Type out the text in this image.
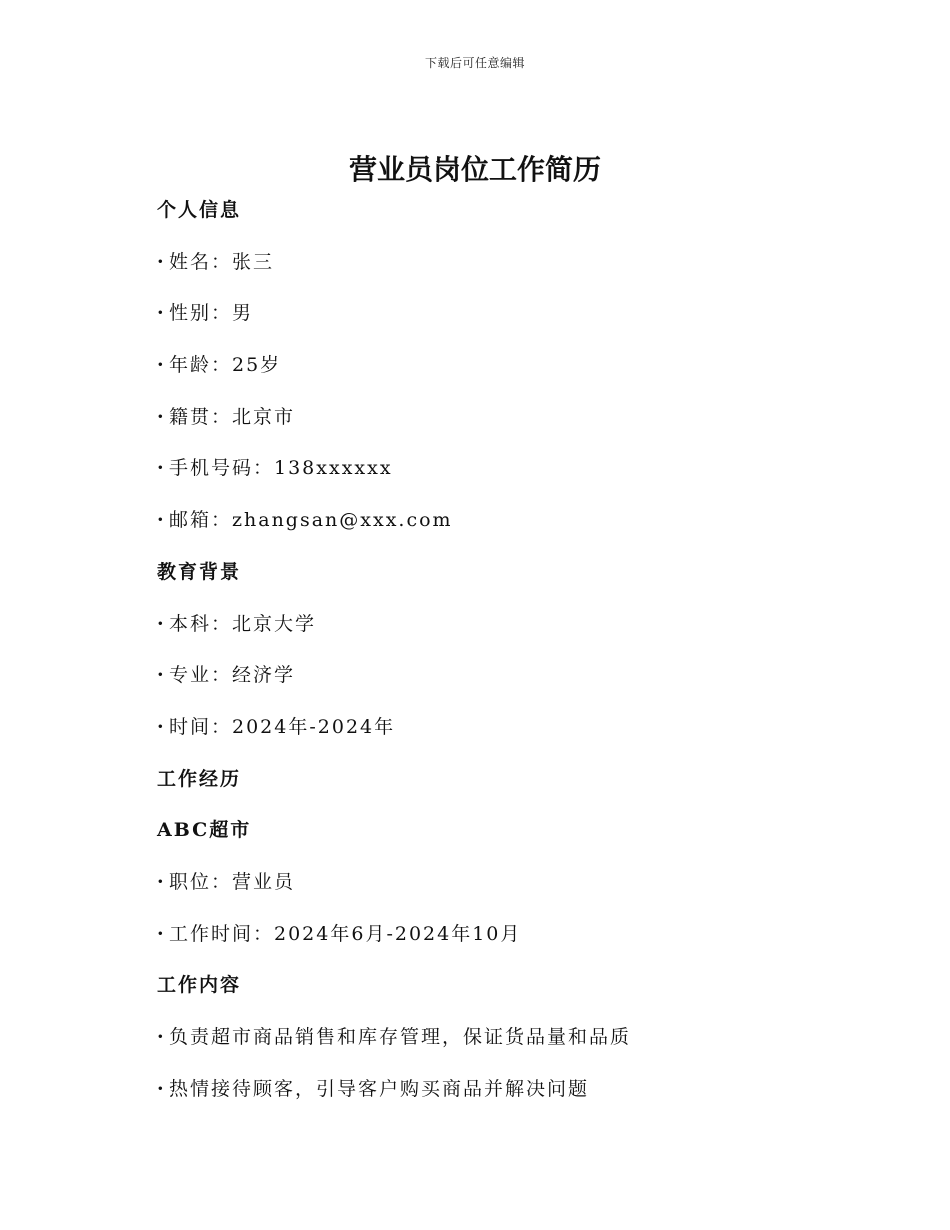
下载后可任意编辑
营业员岗位工作简历
个人信息
· 姓名：张三
· 性别：男
· 年龄：25岁
· 籍贯：北京市
· 手机号码：138xxxxxx
· 邮箱：zhangsan@xxx.com
教育背景
· 本科：北京大学
· 专业：经济学
· 时间：2024年-2024年
工作经历
ABC超市
· 职位：营业员
· 工作时间：2024年6月-2024年10月
工作内容
· 负责超市商品销售和库存管理，保证货品量和品质
· 热情接待顾客，引导客户购买商品并解决问题
